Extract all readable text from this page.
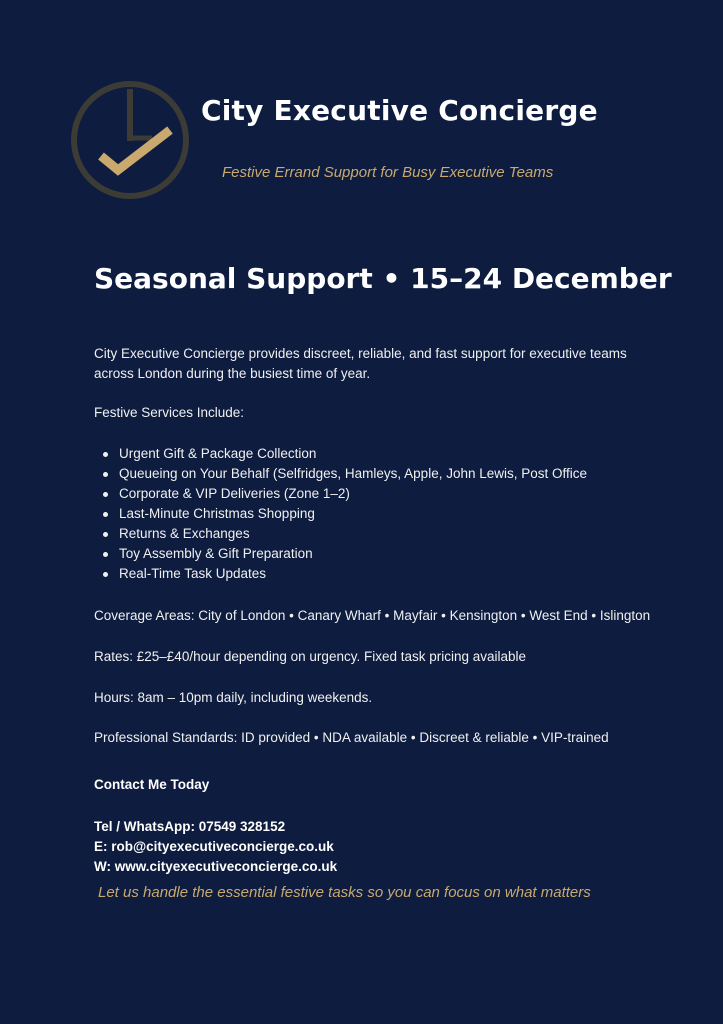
City Executive Concierge
Festive Errand Support for Busy Executive Teams
Seasonal Support • 15–24 December
City Executive Concierge provides discreet, reliable, and fast support for executive teams across London during the busiest time of year.
Festive Services Include:
Urgent Gift & Package Collection
Queueing on Your Behalf (Selfridges, Hamleys, Apple, John Lewis, Post Office
Corporate & VIP Deliveries (Zone 1–2)
Last-Minute Christmas Shopping
Returns & Exchanges
Toy Assembly & Gift Preparation
Real-Time Task Updates
Coverage Areas: City of London • Canary Wharf • Mayfair • Kensington • West End • Islington
Rates: £25–£40/hour depending on urgency. Fixed task pricing available
Hours: 8am – 10pm daily, including weekends.
Professional Standards: ID provided • NDA available • Discreet & reliable • VIP-trained
Contact Me Today
Tel / WhatsApp: 07549 328152
E: rob@cityexecutiveconcierge.co.uk
W: www.cityexecutiveconcierge.co.uk
Let us handle the essential festive tasks so you can focus on what matters
